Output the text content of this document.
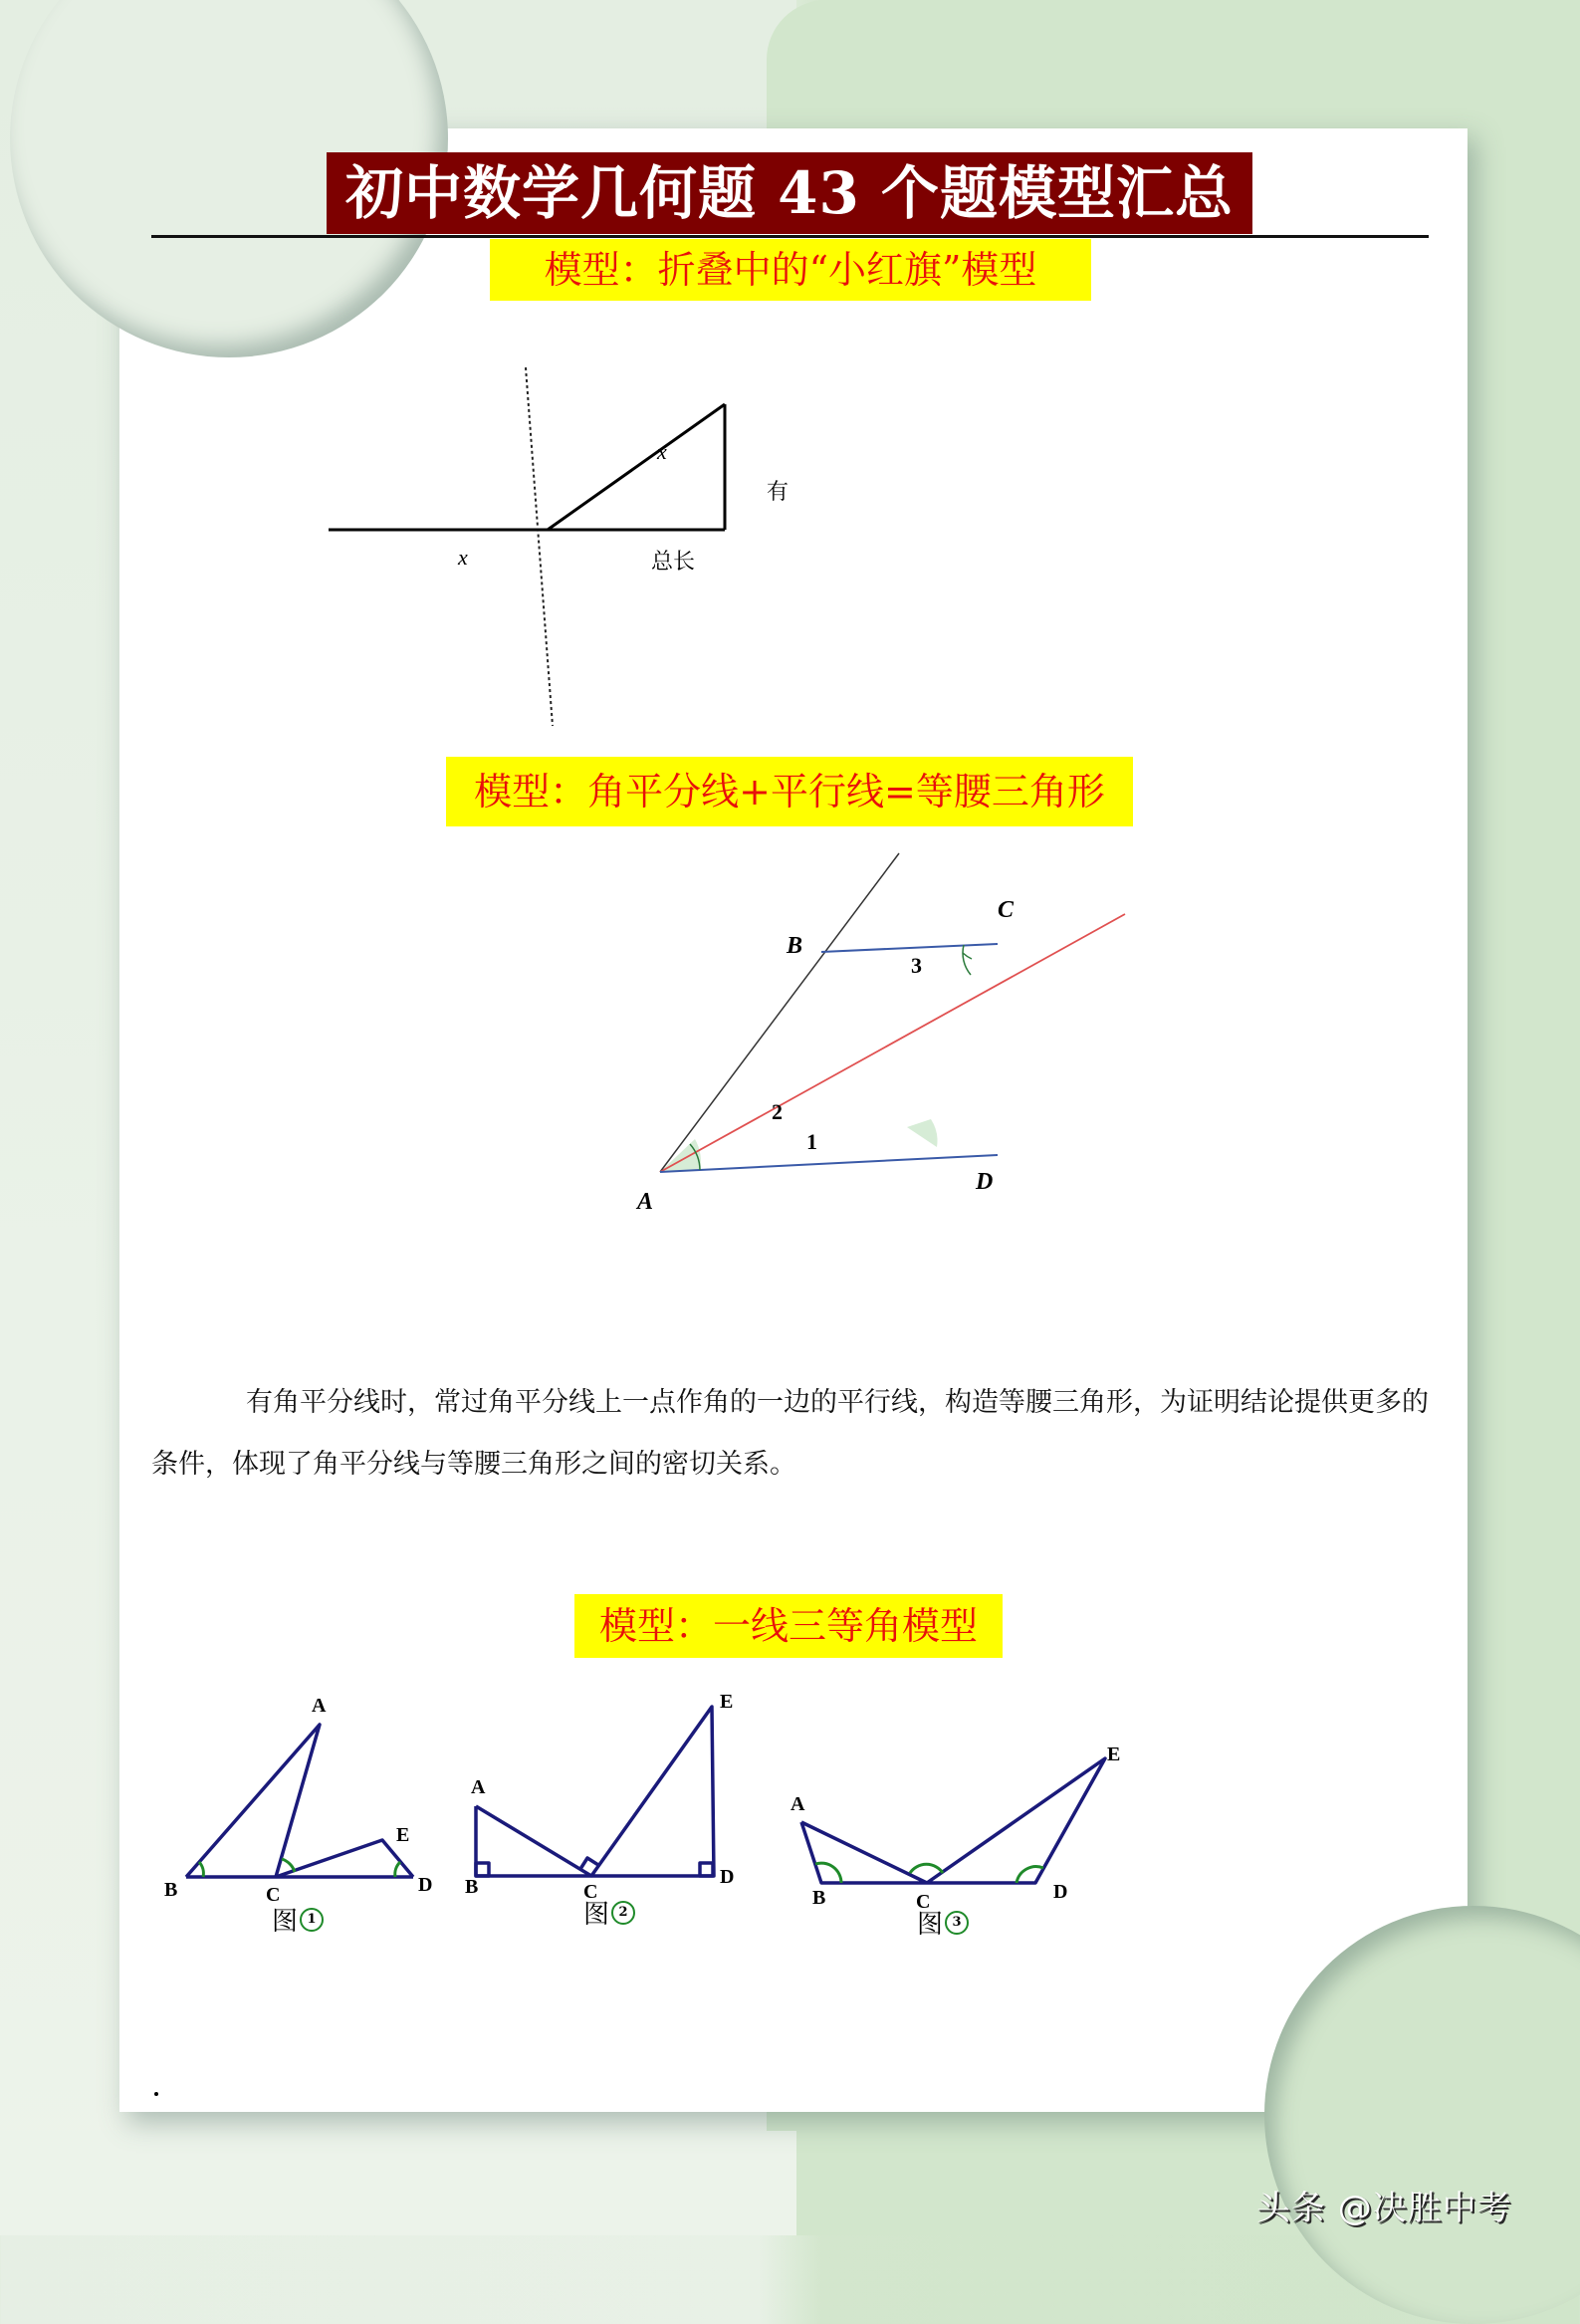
初中数学几何题 43 个题模型汇总
模型：折叠中的“小红旗”模型
x
x
有
总长
模型：角平分线+平行线=等腰三角形
A
B
C
D
1
2
3

有角平分线时，常过角平分线上一点作角的一边的平行线，构造等腰三角形，为证明结论提供更多的条件，体现了角平分线与等腰三角形之间的密切关系。

模型：一线三等角模型
A
B	C	D
E
图 1
A
B	C
D
E
图 2
A
B	C	D
E
图 3
头条 @决胜中考
